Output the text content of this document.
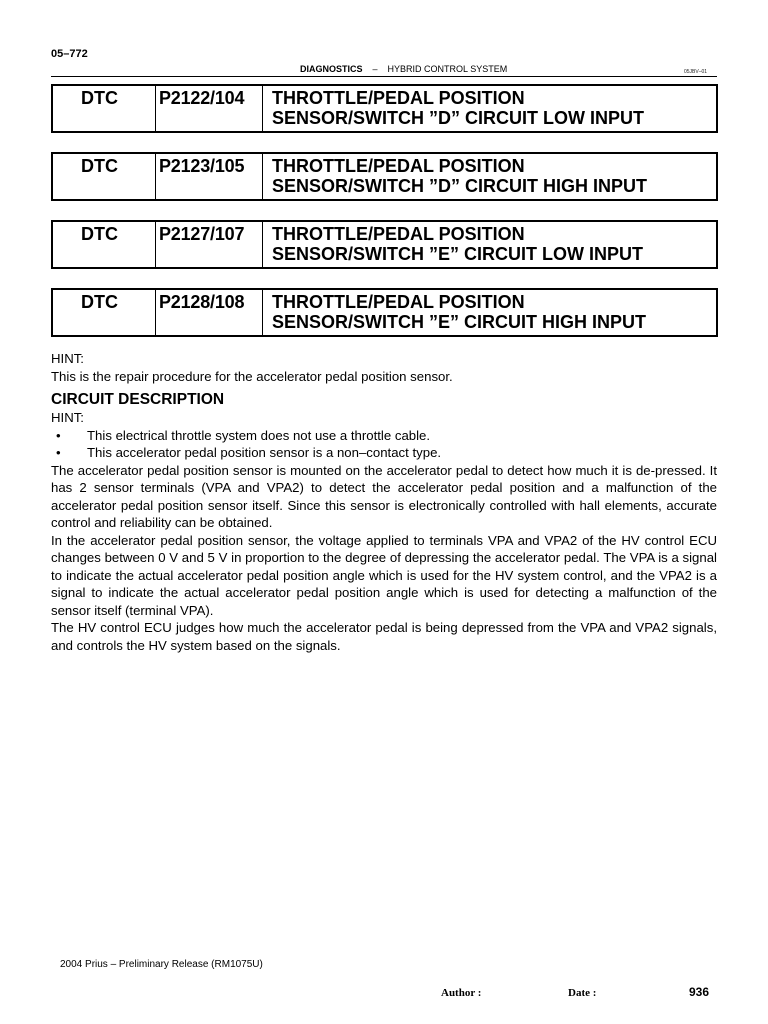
05–772
DIAGNOSTICS – HYBRID CONTROL SYSTEM	05JBV–01
DTC	P2122/104	THROTTLE/PEDAL POSITION
SENSOR/SWITCH ”D” CIRCUIT LOW INPUT
DTC	P2123/105	THROTTLE/PEDAL POSITION
SENSOR/SWITCH ”D” CIRCUIT HIGH INPUT
DTC	P2127/107	THROTTLE/PEDAL POSITION
SENSOR/SWITCH ”E” CIRCUIT LOW INPUT
DTC	P2128/108	THROTTLE/PEDAL POSITION
SENSOR/SWITCH ”E” CIRCUIT HIGH INPUT

HINT:

This is the repair procedure for the accelerator pedal position sensor.

CIRCUIT DESCRIPTION

HINT:

•	This electrical throttle system does not use a throttle cable.
•	This accelerator pedal position sensor is a non–contact type.

The accelerator pedal position sensor is mounted on the accelerator pedal to detect how much it is de-pressed. It has 2 sensor terminals (VPA and VPA2) to detect the accelerator pedal position and a malfunction of the accelerator pedal position sensor itself. Since this sensor is electronically controlled with hall elements, accurate control and reliability can be obtained.

In the accelerator pedal position sensor, the voltage applied to terminals VPA and VPA2 of the HV control ECU changes between 0 V and 5 V in proportion to the degree of depressing the accelerator pedal. The VPA is a signal to indicate the actual accelerator pedal position angle which is used for the HV system control, and the VPA2 is a signal to indicate the actual accelerator pedal position angle which is used for detecting a malfunction of the sensor itself (terminal VPA).

The HV control ECU judges how much the accelerator pedal is being depressed from the VPA and VPA2 signals, and controls the HV system based on the signals.

2004 Prius – Preliminary Release (RM1075U)
Author :	Date :	936
